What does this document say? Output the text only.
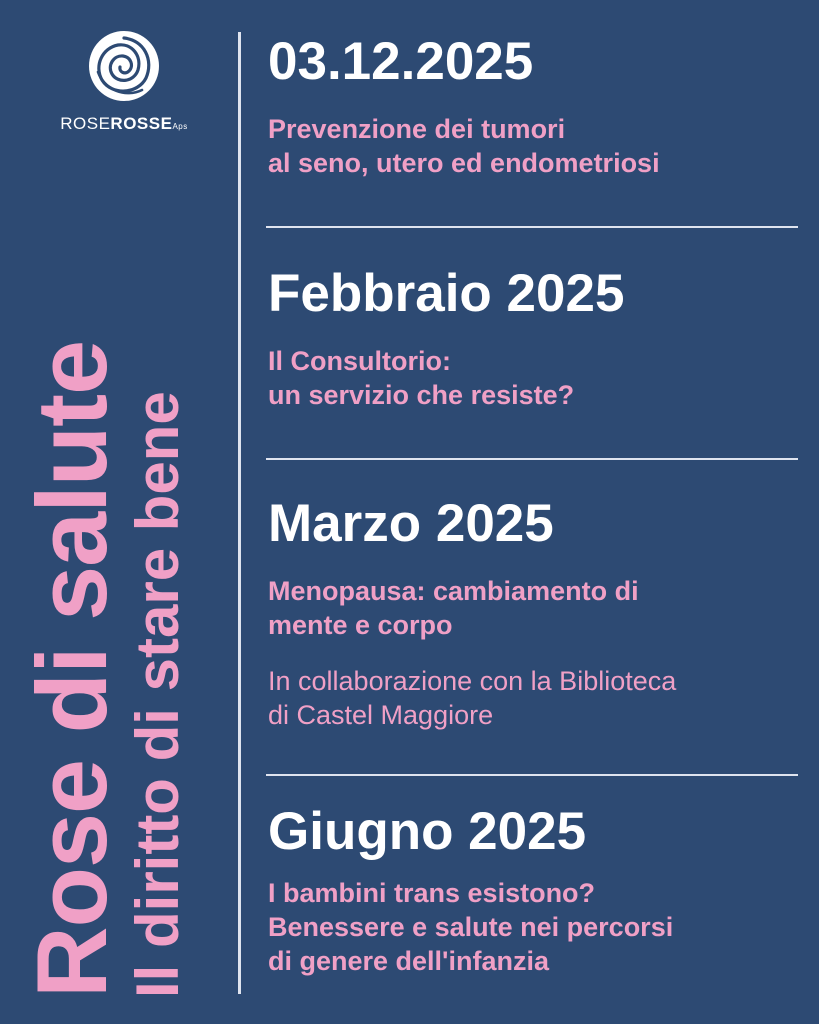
ROSEROSSEAps
Rose di salute
Il diritto di stare bene
03.12.2025
Prevenzione dei tumori
al seno, utero ed endometriosi
Febbraio 2025
Il Consultorio:
un servizio che resiste?
Marzo 2025
Menopausa: cambiamento di
mente e corpo
In collaborazione con la Biblioteca
di Castel Maggiore
Giugno 2025
I bambini trans esistono?
Benessere e salute nei percorsi
di genere dell'infanzia
